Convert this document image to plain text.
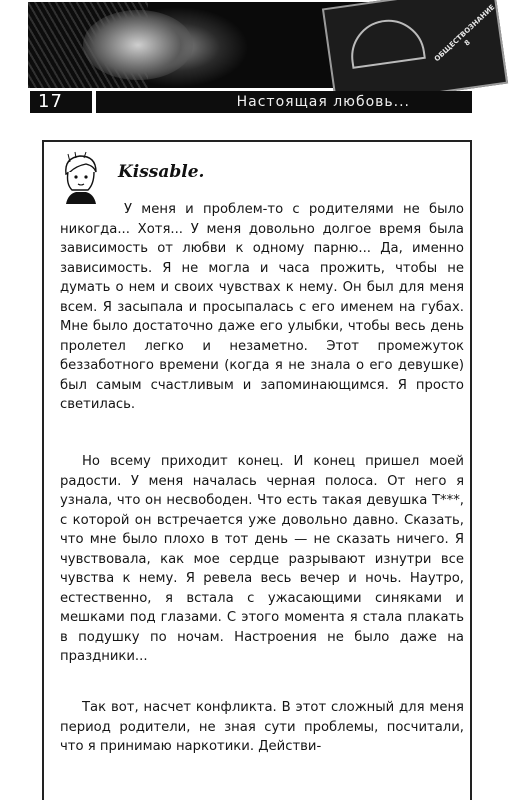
ОБЩЕСТВОЗНАНИЕ 8
17	Настоящая любовь...
Kissable.

У меня и проблем-то с родителями не было никогда... Хотя... У меня довольно долгое время была зависимость от любви к одному парню... Да, именно зависимость. Я не могла и часа прожить, чтобы не думать о нем и своих чувствах к нему. Он был для меня всем. Я засыпала и просыпалась с его именем на губах. Мне было достаточно даже его улыбки, чтобы весь день пролетел легко и незаметно. Этот промежуток беззаботного времени (когда я не знала о его девушке) был самым счастливым и запоминающимся. Я просто светилась.

Но всему приходит конец. И конец пришел моей радости. У меня началась черная полоса. От него я узнала, что он несвободен. Что есть такая девушка Т***, с которой он встречается уже довольно давно. Сказать, что мне было плохо в тот день — не сказать ничего. Я чувствовала, как мое сердце разрывают изнутри все чувства к нему. Я ревела весь вечер и ночь. Наутро, естественно, я встала с ужасающими синяками и мешками под глазами. С этого момента я стала плакать в подушку по ночам. Настроения не было даже на праздники...

Так вот, насчет конфликта. В этот сложный для меня период родители, не зная сути проблемы, посчитали, что я принимаю наркотики. Действи-
